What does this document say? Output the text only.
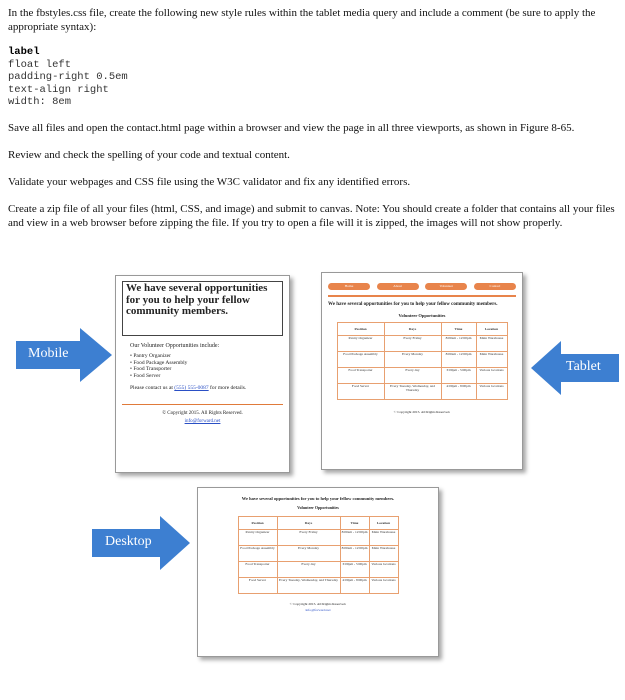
In the fbstyles.css file, create the following new style rules within the tablet media query and include a comment (be sure to apply the appropriate syntax):

label
float left
padding-right 0.5em
text-align right
width: 8em

Save all files and open the contact.html page within a browser and view the page in all three viewports, as shown in Figure 8-65.

Review and check the spelling of your code and textual content.

Validate your webpages and CSS file using the W3C validator and fix any identified errors.

Create a zip file of all your files (html, CSS, and image) and submit to canvas. Note: You should create a folder that contains all your files and view in a web browser before zipping the file. If you try to open a file will it is zipped, the images will not show properly.

Mobile
Tablet
Desktop
We have several opportunities for you to help your fellow community members.
Our Volunteer Opportunities include:
• Pantry Organizer
• Food Package Assembly
• Food Transporter
• Food Server
Please contact us at (555) 555-0087 for more details.
© Copyright 2015. All Rights Reserved.
info@forward.net
Home	About	Volunteer	Contact
We have several opportunities for you to help your fellow community members.
Volunteer Opportunities
Position	Days	Time	Location
Pantry Organizer	Every Friday	8:00am - 12:00pm	Main Warehouse
Food Package Assembly	Every Monday	8:00am - 12:00pm	Main Warehouse
Food Transporter	Every day	3:00pm - 5:00pm	Various locations
Food Server	Every Tuesday, Wednesday, and Thursday	4:00pm - 8:00pm	Various locations
© Copyright 2015. All Rights Reserved.
We have several opportunities for you to help your fellow community members.
Volunteer Opportunities
Position	Days	Time	Location
Pantry Organizer	Every Friday	8:00am - 12:00pm	Main Warehouse
Food Package Assembly	Every Monday	8:00am - 12:00pm	Main Warehouse
Food Transporter	Every day	3:00pm - 5:00pm	Various locations
Food Server	Every Tuesday, Wednesday, and Thursday	4:00pm - 8:00pm	Various locations
© Copyright 2015. All Rights Reserved.
info@forward.net
